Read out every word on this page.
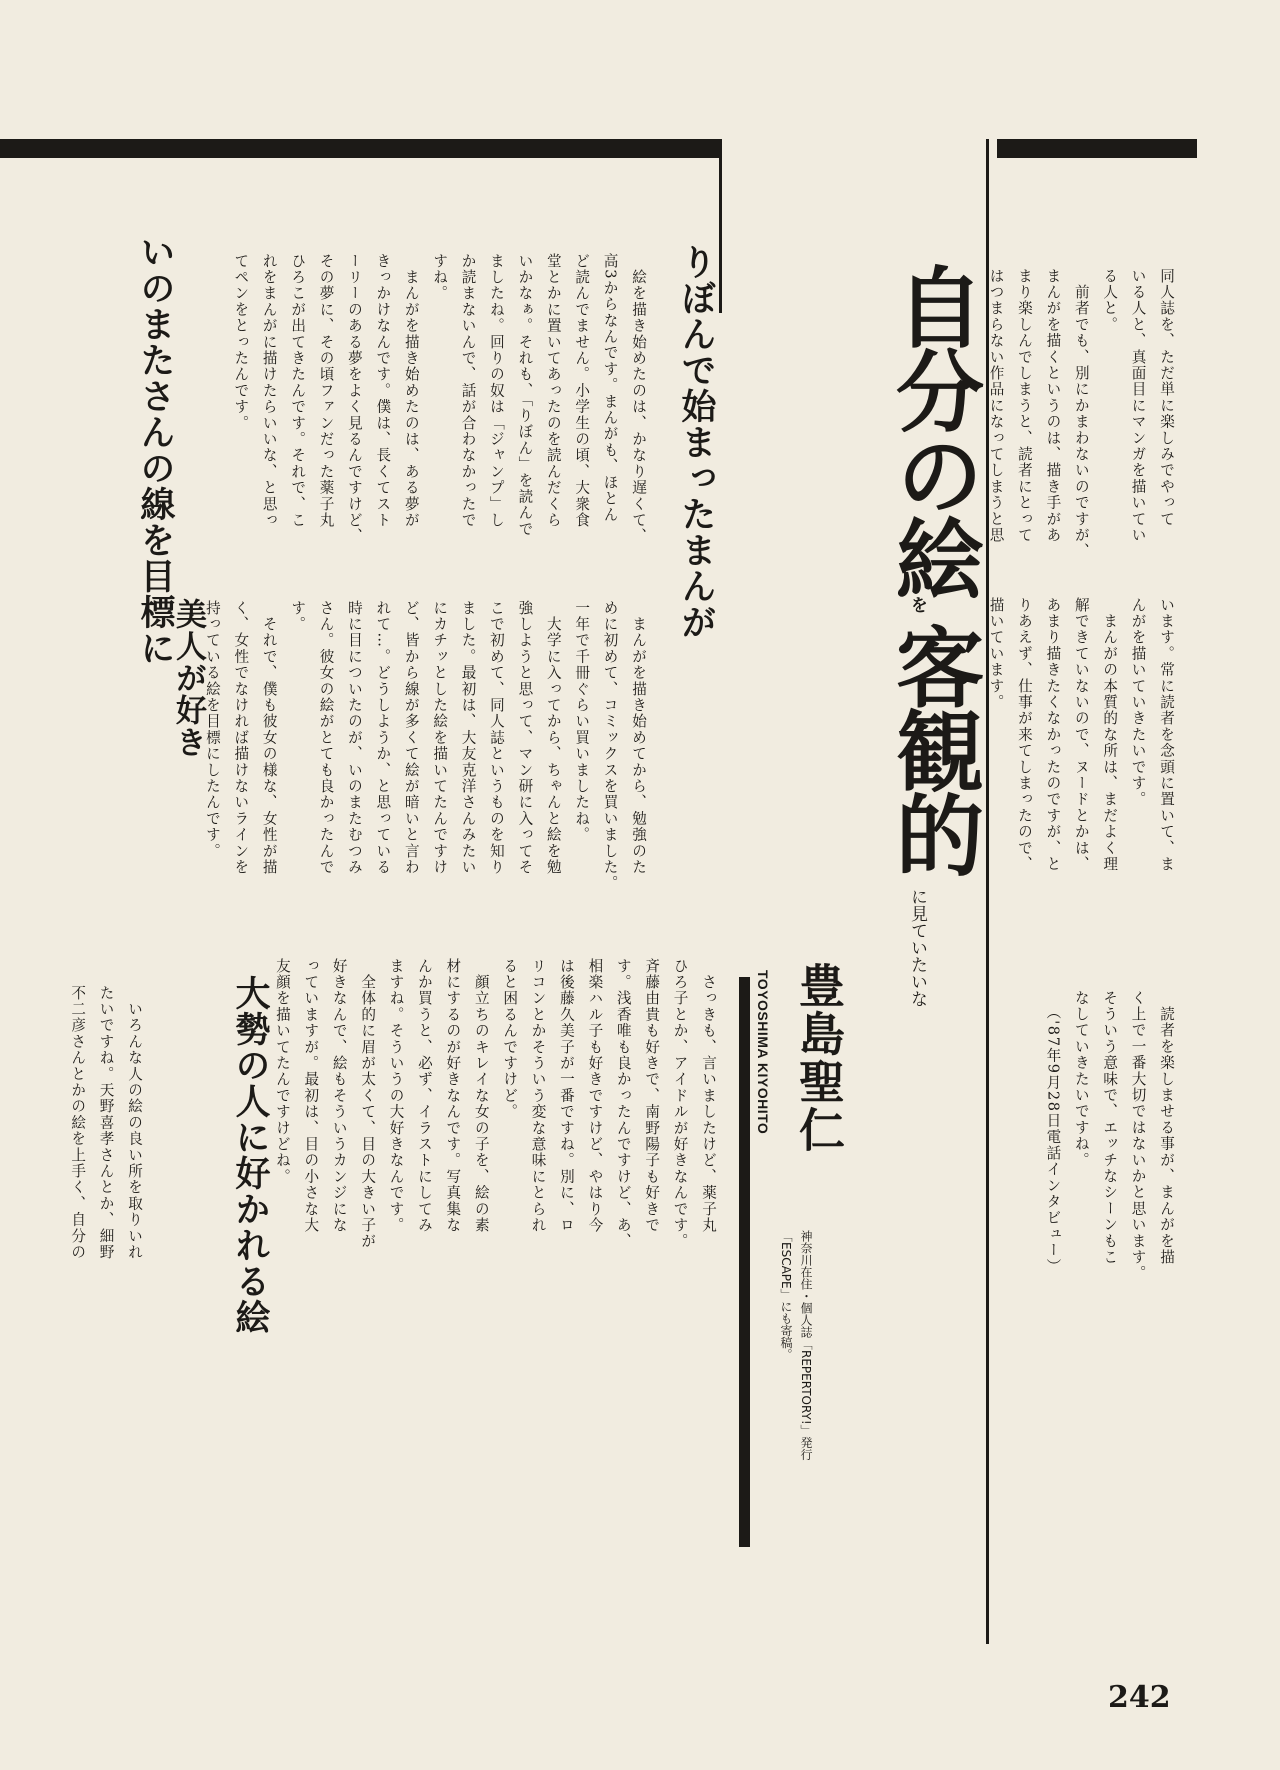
同人誌を、ただ単に楽しみでやって
いる人と、真面目にマンガを描いてい
る人と。
　前者でも、別にかまわないのですが、
まんがを描くというのは、描き手があ
まり楽しんでしまうと、読者にとって
はつまらない作品になってしまうと思
います。常に読者を念頭に置いて、ま
んがを描いていきたいです。
　まんがの本質的な所は、まだよく理
解できていないので、ヌードとかは、
あまり描きたくなかったのですが、と
りあえず、仕事が来てしまったので、
描いています。
　読者を楽しませる事が、まんがを描
く上で一番大切ではないかと思います。
そういう意味で、エッチなシーンもこ
なしていきたいですね。
（'87年9月28日電話インタビュー）
自分の絵
を
客観的
に見ていたいな
豊島聖仁
TOYOSHIMA KIYOHITO
神奈川在住・個人誌「REPERTORY!」発行
「ESCAPE」にも寄稿。
りぼんで始まったまんが
　絵を描き始めたのは、かなり遅くて、
高3からなんです。まんがも、ほとん
ど読んでません。小学生の頃、大衆食
堂とかに置いてあったのを読んだくら
いかなぁ。それも、「りぼん」を読んで
ましたね。回りの奴は「ジャンプ」し
か読まないんで、話が合わなかったで
すね。
　まんがを描き始めたのは、ある夢が
きっかけなんです。僕は、長くてスト
ーリーのある夢をよく見るんですけど、
その夢に、その頃ファンだった薬子丸
ひろこが出てきたんです。それで、こ
れをまんがに描けたらいいな、と思っ
てペンをとったんです。
いのまたさんの線を目標に
　まんがを描き始めてから、勉強のた
めに初めて、コミックスを買いました。
一年で千冊ぐらい買いましたね。
　大学に入ってから、ちゃんと絵を勉
強しようと思って、マン研に入ってそ
こで初めて、同人誌というものを知り
ました。最初は、大友克洋さんみたい
にカチッとした絵を描いてたんですけ
ど、皆から線が多くて絵が暗いと言わ
れて…。どうしようか、と思っている
時に目についたのが、いのまたむつみ
さん。彼女の絵がとても良かったんで
す。
　それで、僕も彼女の様な、女性が描
く、女性でなければ描けないラインを
持っている絵を目標にしたんです。
美人が好き
　さっきも、言いましたけど、薬子丸
ひろ子とか、アイドルが好きなんです。
斉藤由貴も好きで、南野陽子も好きで
す。浅香唯も良かったんですけど、あ、
相楽ハル子も好きですけど、やはり今
は後藤久美子が一番ですね。別に、ロ
リコンとかそういう変な意味にとられ
ると困るんですけど。
　顔立ちのキレイな女の子を、絵の素
材にするのが好きなんです。写真集な
んか買うと、必ず、イラストにしてみ
ますね。そういうの大好きなんです。
　全体的に眉が太くて、目の大きい子が
好きなんで、絵もそういうカンジにな
っていますが。最初は、目の小さな大
友顔を描いてたんですけどね。
大勢の人に好かれる絵
　いろんな人の絵の良い所を取りいれ
たいですね。天野喜孝さんとか、細野
不二彦さんとかの絵を上手く、自分の
242
